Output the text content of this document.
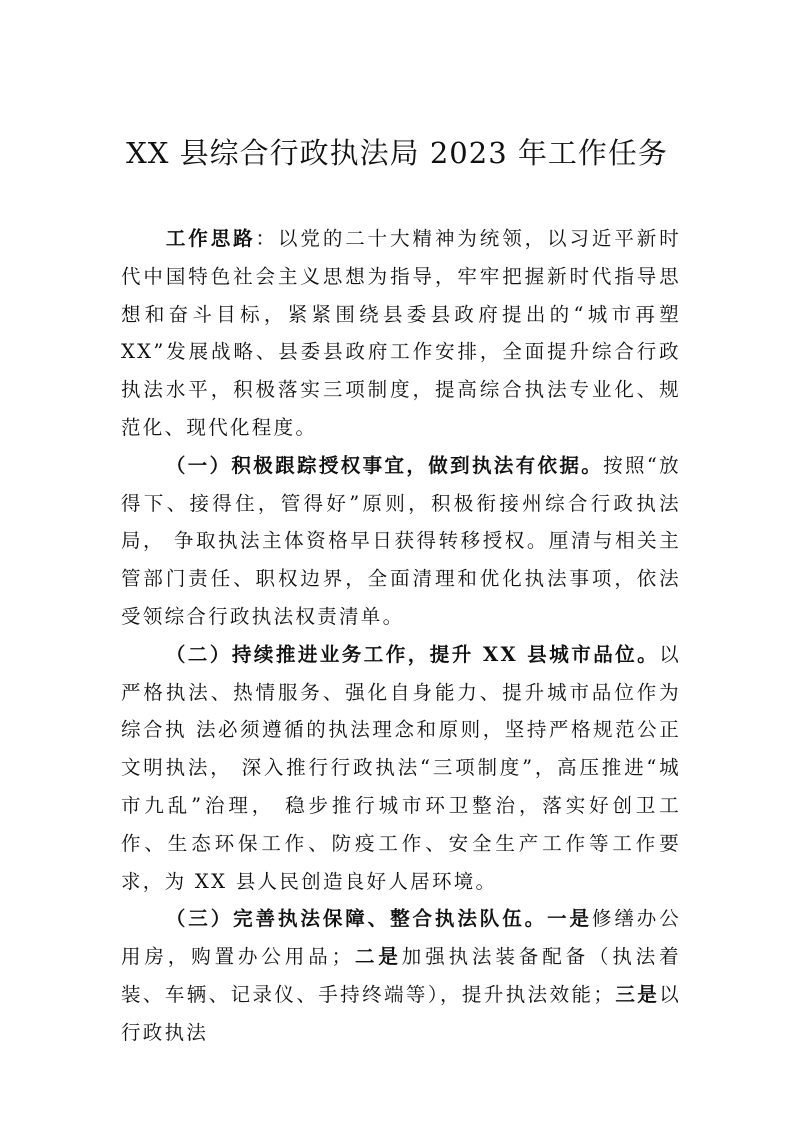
XX 县综合行政执法局 2023 年工作任务

工作思路：以党的二十大精神为统领，以习近平新时代中国特色社会主义思想为指导，牢牢把握新时代指导思想和奋斗目标，紧紧围绕县委县政府提出的“城市再塑 XX”发展战略、县委县政府工作安排，全面提升综合行政执法水平，积极落实三项制度，提高综合执法专业化、规范化、现代化程度。

（一）积极跟踪授权事宜，做到执法有依据。按照“放得下、接得住，管得好”原则，积极衔接州综合行政执法局， 争取执法主体资格早日获得转移授权。厘清与相关主管部门责任、职权边界，全面清理和优化执法事项，依法受领综合行政执法权责清单。

（二）持续推进业务工作，提升 XX 县城市品位。以严格执法、热情服务、强化自身能力、提升城市品位作为综合执 法必须遵循的执法理念和原则，坚持严格规范公正文明执法， 深入推行行政执法“三项制度”，高压推进“城市九乱”治理， 稳步推行城市环卫整治，落实好创卫工作、生态环保工作、防疫工作、安全生产工作等工作要求，为 XX 县人民创造良好人居环境。

（三）完善执法保障、整合执法队伍。一是修缮办公用房，购置办公用品；二是加强执法装备配备（执法着装、车辆、记录仪、手持终端等），提升执法效能；三是以行政执法
